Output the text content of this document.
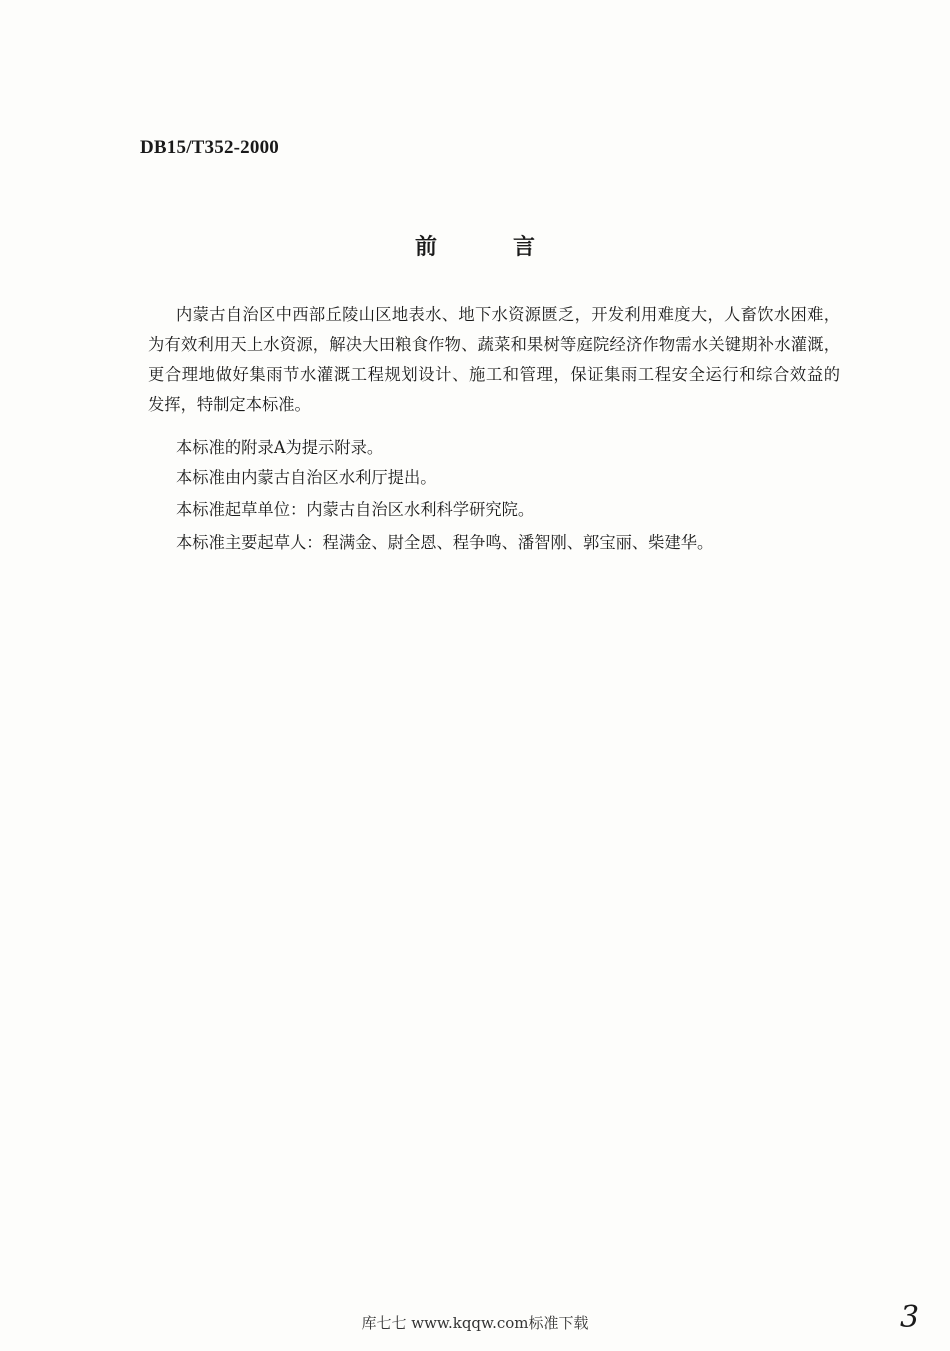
DB15/T352-2000
前	言
内蒙古自治区中西部丘陵山区地表水、地下水资源匮乏，开发利用难度大，人畜饮水困难，
为有效利用天上水资源，解决大田粮食作物、蔬菜和果树等庭院经济作物需水关键期补水灌溉，
更合理地做好集雨节水灌溉工程规划设计、施工和管理，保证集雨工程安全运行和综合效益的
发挥，特制定本标准。
本标准的附录A为提示附录。
本标准由内蒙古自治区水利厅提出。
本标准起草单位：内蒙古自治区水利科学研究院。
本标准主要起草人：程满金、尉全恩、程争鸣、潘智刚、郭宝丽、柴建华。
库七七 www.kqqw.com标准下载	3
